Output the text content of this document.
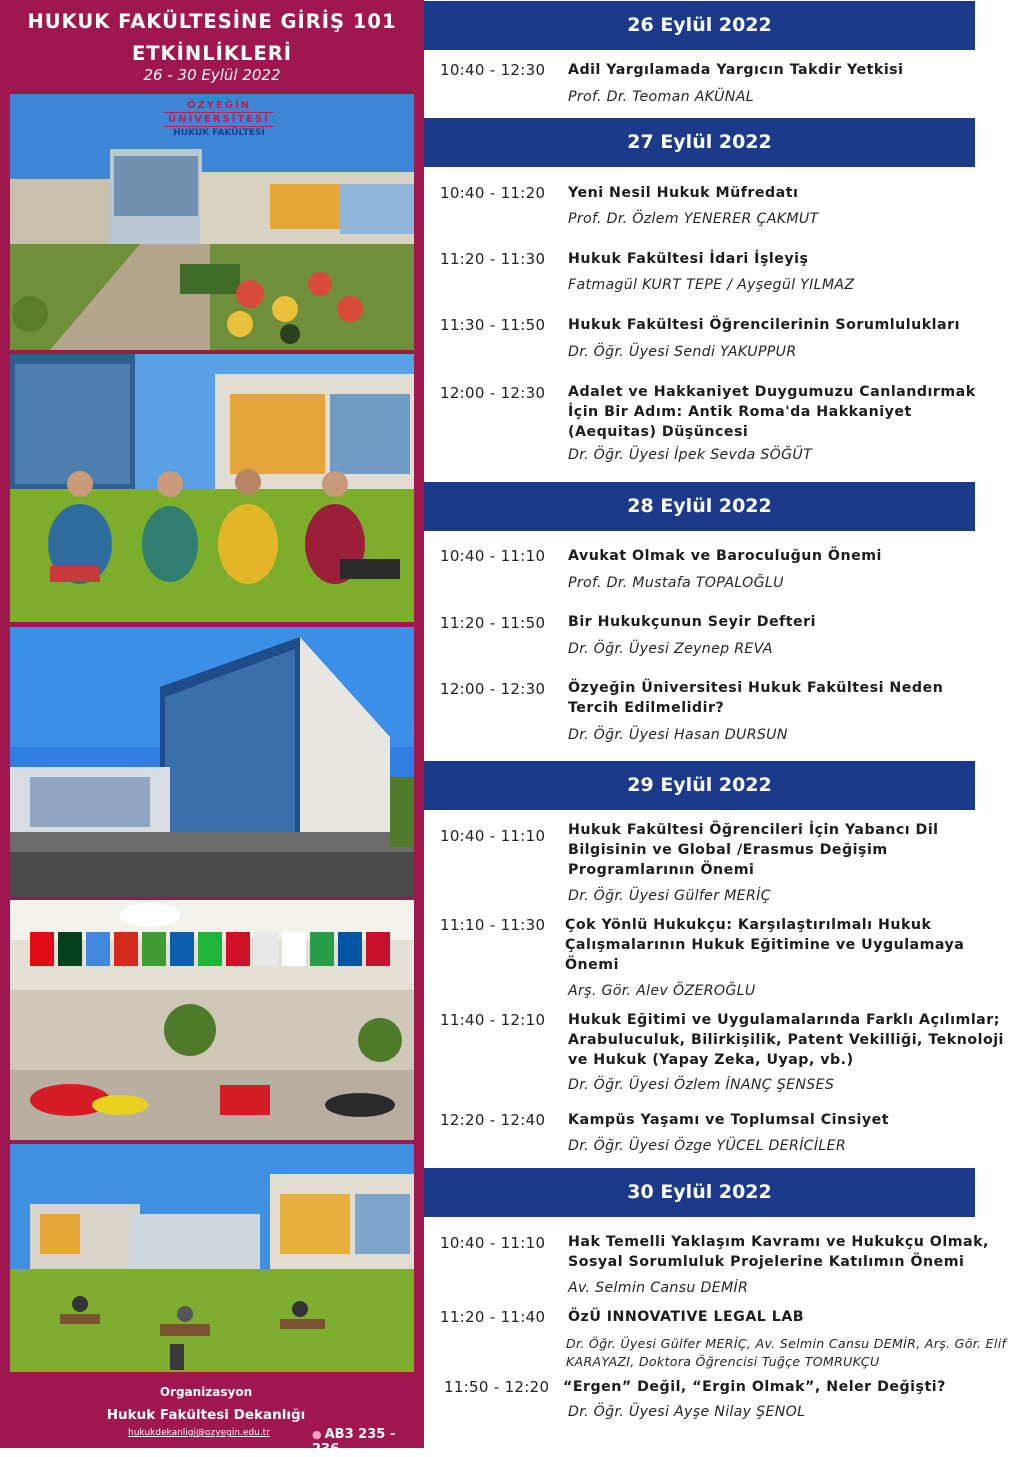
HUKUK FAKÜLTESİNE GİRİŞ 101 ETKİNLİKLERİ
26 - 30 Eylül 2022
ÖZYEĞİN
ÜNİVERSİTESİ
HUKUK FAKÜLTESİ
Organizasyon
Hukuk Fakültesi Dekanlığı
hukukdekanligi@ozyegin.edu.tr	● AB3 235 - 236
26 Eylül 2022
10:40 - 12:30 Adil Yargılamada Yargıcın Takdir Yetkisi
Prof. Dr. Teoman AKÜNAL
27 Eylül 2022
10:40 - 11:20 Yeni Nesil Hukuk Müfredatı
Prof. Dr. Özlem YENERER ÇAKMUT
11:20 - 11:30 Hukuk Fakültesi İdari İşleyiş
Fatmagül KURT TEPE / Ayşegül YILMAZ
11:30 - 11:50 Hukuk Fakültesi Öğrencilerinin Sorumlulukları
Dr. Öğr. Üyesi Sendi YAKUPPUR
12:00 - 12:30 Adalet ve Hakkaniyet Duygumuzu Canlandırmak İçin Bir Adım: Antik Roma'da Hakkaniyet (Aequitas) Düşüncesi
Dr. Öğr. Üyesi İpek Sevda SÖĞÜT
28 Eylül 2022
10:40 - 11:10 Avukat Olmak ve Baroculuğun Önemi
Prof. Dr. Mustafa TOPALOĞLU
11:20 - 11:50 Bir Hukukçunun Seyir Defteri
Dr. Öğr. Üyesi Zeynep REVA
12:00 - 12:30 Özyeğin Üniversitesi Hukuk Fakültesi Neden Tercih Edilmelidir?
Dr. Öğr. Üyesi Hasan DURSUN
29 Eylül 2022
10:40 - 11:10 Hukuk Fakültesi Öğrencileri İçin Yabancı Dil Bilgisinin ve Global /Erasmus Değişim Programlarının Önemi
Dr. Öğr. Üyesi Gülfer MERİÇ
11:10 - 11:30 Çok Yönlü Hukukçu: Karşılaştırılmalı Hukuk Çalışmalarının Hukuk Eğitimine ve Uygulamaya Önemi
Arş. Gör. Alev ÖZEROĞLU
11:40 - 12:10 Hukuk Eğitimi ve Uygulamalarında Farklı Açılımlar; Arabuluculuk, Bilirkişilik, Patent Vekilliği, Teknoloji ve Hukuk (Yapay Zeka, Uyap, vb.)
Dr. Öğr. Üyesi Özlem İNANÇ ŞENSES
12:20 - 12:40 Kampüs Yaşamı ve Toplumsal Cinsiyet
Dr. Öğr. Üyesi Özge YÜCEL DERİCİLER
30 Eylül 2022
10:40 - 11:10 Hak Temelli Yaklaşım Kavramı ve Hukukçu Olmak, Sosyal Sorumluluk Projelerine Katılımın Önemi
Av. Selmin Cansu DEMİR
11:20 - 11:40 ÖzÜ INNOVATIVE LEGAL LAB
Dr. Öğr. Üyesi Gülfer MERİÇ, Av. Selmin Cansu DEMİR, Arş. Gör. Elif KARAYAZI, Doktora Öğrencisi Tuğçe TOMRUKÇU
11:50 - 12:20 “Ergen” Değil, “Ergin Olmak”, Neler Değişti?
Dr. Öğr. Üyesi Ayşe Nilay ŞENOL
